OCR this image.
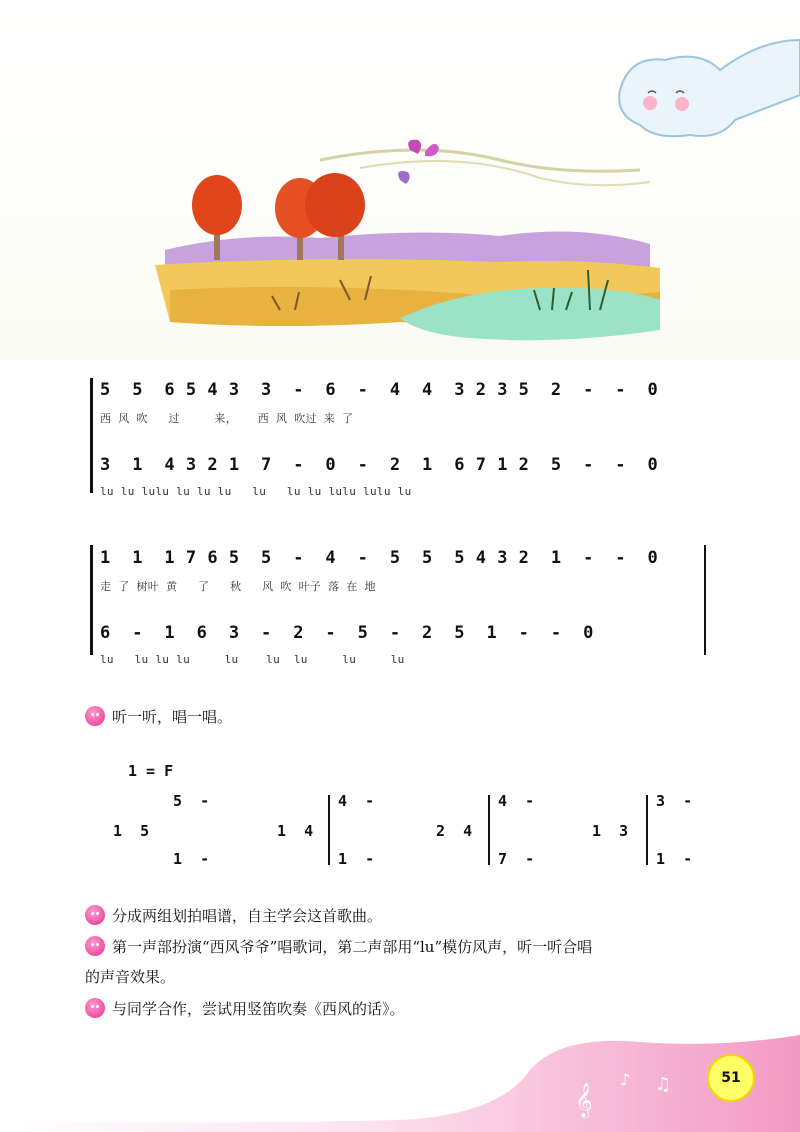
5  5  6 5 4 3  3  -  6  -  4  4  3 2 3 5  2  -  -  0
西 风 吹   过     来，   西 风 吹过 来 了
3  1  4 3 2 1  7  -  0  -  2  1  6 7 1 2  5  -  -  0
lu lu lulu lu lu lu   lu   lu lu lulu lulu lu
1  1  1 7 6 5  5  -  4  -  5  5  5 4 3 2  1  -  -  0
走 了 树叶 黄   了   秋   风 吹 叶子 落 在 地
6  -  1  6  3  -  2  -  5  -  2  5  1  -  -  0
lu   lu lu lu     lu    lu  lu     lu     lu
听一听，唱一唱。
1 = F
1  5
5  -
1  -
1  4
4  -
1  -
2  4
4  -
7  -
1  3
3  -
1  -
分成两组划拍唱谱，自主学会这首歌曲。
第一声部扮演“西风爷爷”唱歌词，第二声部用“lu”模仿风声，听一听合唱
的声音效果。
与同学合作，尝试用竖笛吹奏《西风的话》。
𝄞
♪ ♫	51
